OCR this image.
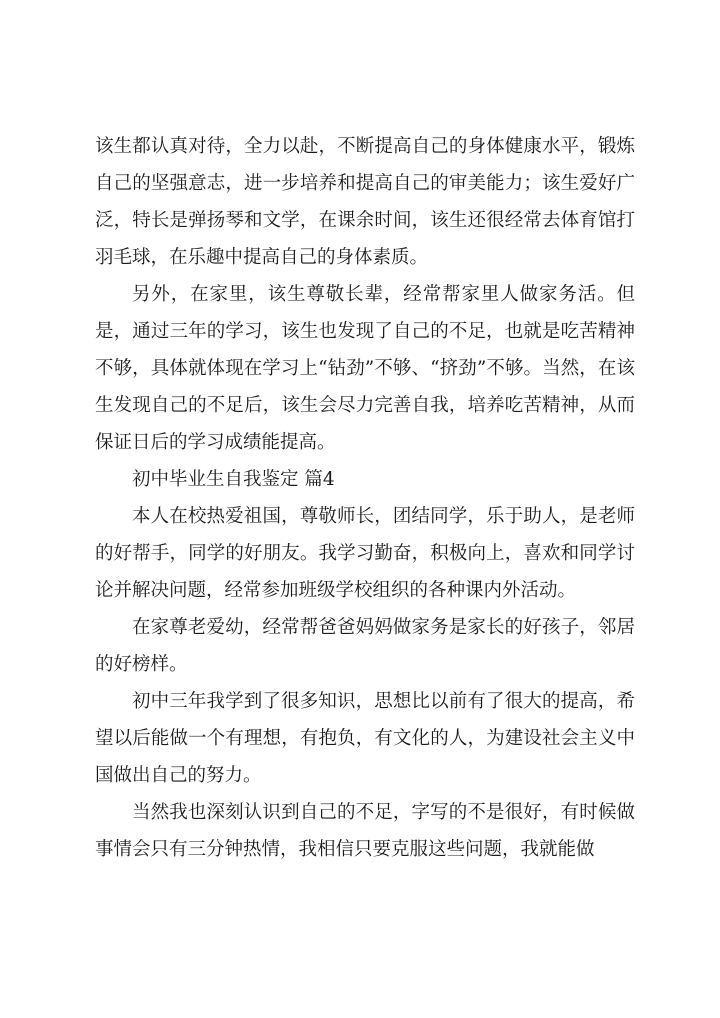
该生都认真对待，全力以赴，不断提高自己的身体健康水平，锻炼自己的坚强意志，进一步培养和提高自己的审美能力；该生爱好广泛，特长是弹扬琴和文学，在课余时间，该生还很经常去体育馆打羽毛球，在乐趣中提高自己的身体素质。

另外，在家里，该生尊敬长辈，经常帮家里人做家务活。但是，通过三年的学习，该生也发现了自己的不足，也就是吃苦精神不够，具体就体现在学习上“钻劲”不够、“挤劲”不够。当然，在该生发现自己的不足后，该生会尽力完善自我，培养吃苦精神，从而保证日后的学习成绩能提高。

初中毕业生自我鉴定 篇4

本人在校热爱祖国，尊敬师长，团结同学，乐于助人，是老师的好帮手，同学的好朋友。我学习勤奋，积极向上，喜欢和同学讨论并解决问题，经常参加班级学校组织的各种课内外活动。

在家尊老爱幼，经常帮爸爸妈妈做家务是家长的好孩子，邻居的好榜样。

初中三年我学到了很多知识，思想比以前有了很大的提高，希望以后能做一个有理想，有抱负，有文化的人，为建设社会主义中国做出自己的努力。

当然我也深刻认识到自己的不足，字写的不是很好，有时候做事情会只有三分钟热情，我相信只要克服这些问题，我就能做
